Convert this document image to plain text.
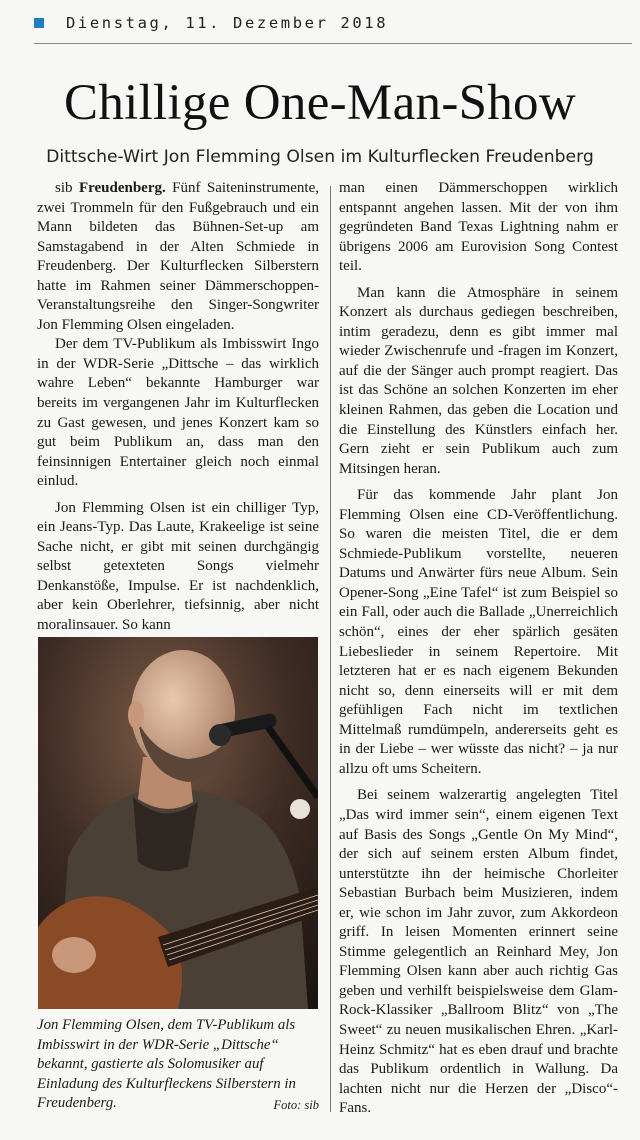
Dienstag, 11. Dezember 2018
Chillige One-Man-Show
Dittsche-Wirt Jon Flemming Olsen im Kulturflecken Freudenberg

sib Freudenberg. Fünf Saiteninstrumente, zwei Trommeln für den Fußgebrauch und ein Mann bildeten das Bühnen-Set-up am Samstagabend in der Alten Schmiede in Freudenberg. Der Kulturflecken Silberstern hatte im Rahmen seiner Dämmerschoppen-Veranstaltungsreihe den Singer-Songwriter Jon Flemming Olsen eingeladen.

Der dem TV-Publikum als Imbisswirt Ingo in der WDR-Serie „Dittsche – das wirklich wahre Leben“ bekannte Hamburger war bereits im vergangenen Jahr im Kulturflecken zu Gast gewesen, und jenes Konzert kam so gut beim Publikum an, dass man den feinsinnigen Entertainer gleich noch einmal einlud.

Jon Flemming Olsen ist ein chilliger Typ, ein Jeans-Typ. Das Laute, Krakeelige ist seine Sache nicht, er gibt mit seinen durchgängig selbst getexteten Songs vielmehr Denkanstöße, Impulse. Er ist nachdenklich, aber kein Oberlehrer, tiefsinnig, aber nicht moralinsauer. So kann

Jon Flemming Olsen, dem TV-Publikum als Imbisswirt in der WDR-Serie „Dittsche“ bekannt, gastierte als Solomusiker auf Einladung des Kulturfleckens Silberstern in Freudenberg.	Foto: sib

man einen Dämmerschoppen wirklich entspannt angehen lassen. Mit der von ihm gegründeten Band Texas Lightning nahm er übrigens 2006 am Eurovision Song Contest teil.

Man kann die Atmosphäre in seinem Konzert als durchaus gediegen beschreiben, intim geradezu, denn es gibt immer mal wieder Zwischenrufe und -fragen im Konzert, auf die der Sänger auch prompt reagiert. Das ist das Schöne an solchen Konzerten im eher kleinen Rahmen, das geben die Location und die Einstellung des Künstlers einfach her. Gern zieht er sein Publikum auch zum Mitsingen heran.

Für das kommende Jahr plant Jon Flemming Olsen eine CD-Veröffentlichung. So waren die meisten Titel, die er dem Schmiede-Publikum vorstellte, neueren Datums und Anwärter fürs neue Album. Sein Opener-Song „Eine Tafel“ ist zum Beispiel so ein Fall, oder auch die Ballade „Unerreichlich schön“, eines der eher spärlich gesäten Liebeslieder in seinem Repertoire. Mit letzteren hat er es nach eigenem Bekunden nicht so, denn einerseits will er mit dem gefühligen Fach nicht im textlichen Mittelmaß rumdümpeln, andererseits geht es in der Liebe – wer wüsste das nicht? – ja nur allzu oft ums Scheitern.

Bei seinem walzerartig angelegten Titel „Das wird immer sein“, einem eigenen Text auf Basis des Songs „Gentle On My Mind“, der sich auf seinem ersten Album findet, unterstützte ihn der heimische Chorleiter Sebastian Burbach beim Musizieren, indem er, wie schon im Jahr zuvor, zum Akkordeon griff. In leisen Momenten erinnert seine Stimme gelegentlich an Reinhard Mey, Jon Flemming Olsen kann aber auch richtig Gas geben und verhilft beispielsweise dem Glam-Rock-Klassiker „Ballroom Blitz“ von „The Sweet“ zu neuen musikalischen Ehren. „Karl-Heinz Schmitz“ hat es eben drauf und brachte das Publikum ordentlich in Wallung. Da lachten nicht nur die Herzen der „Disco“-Fans.
